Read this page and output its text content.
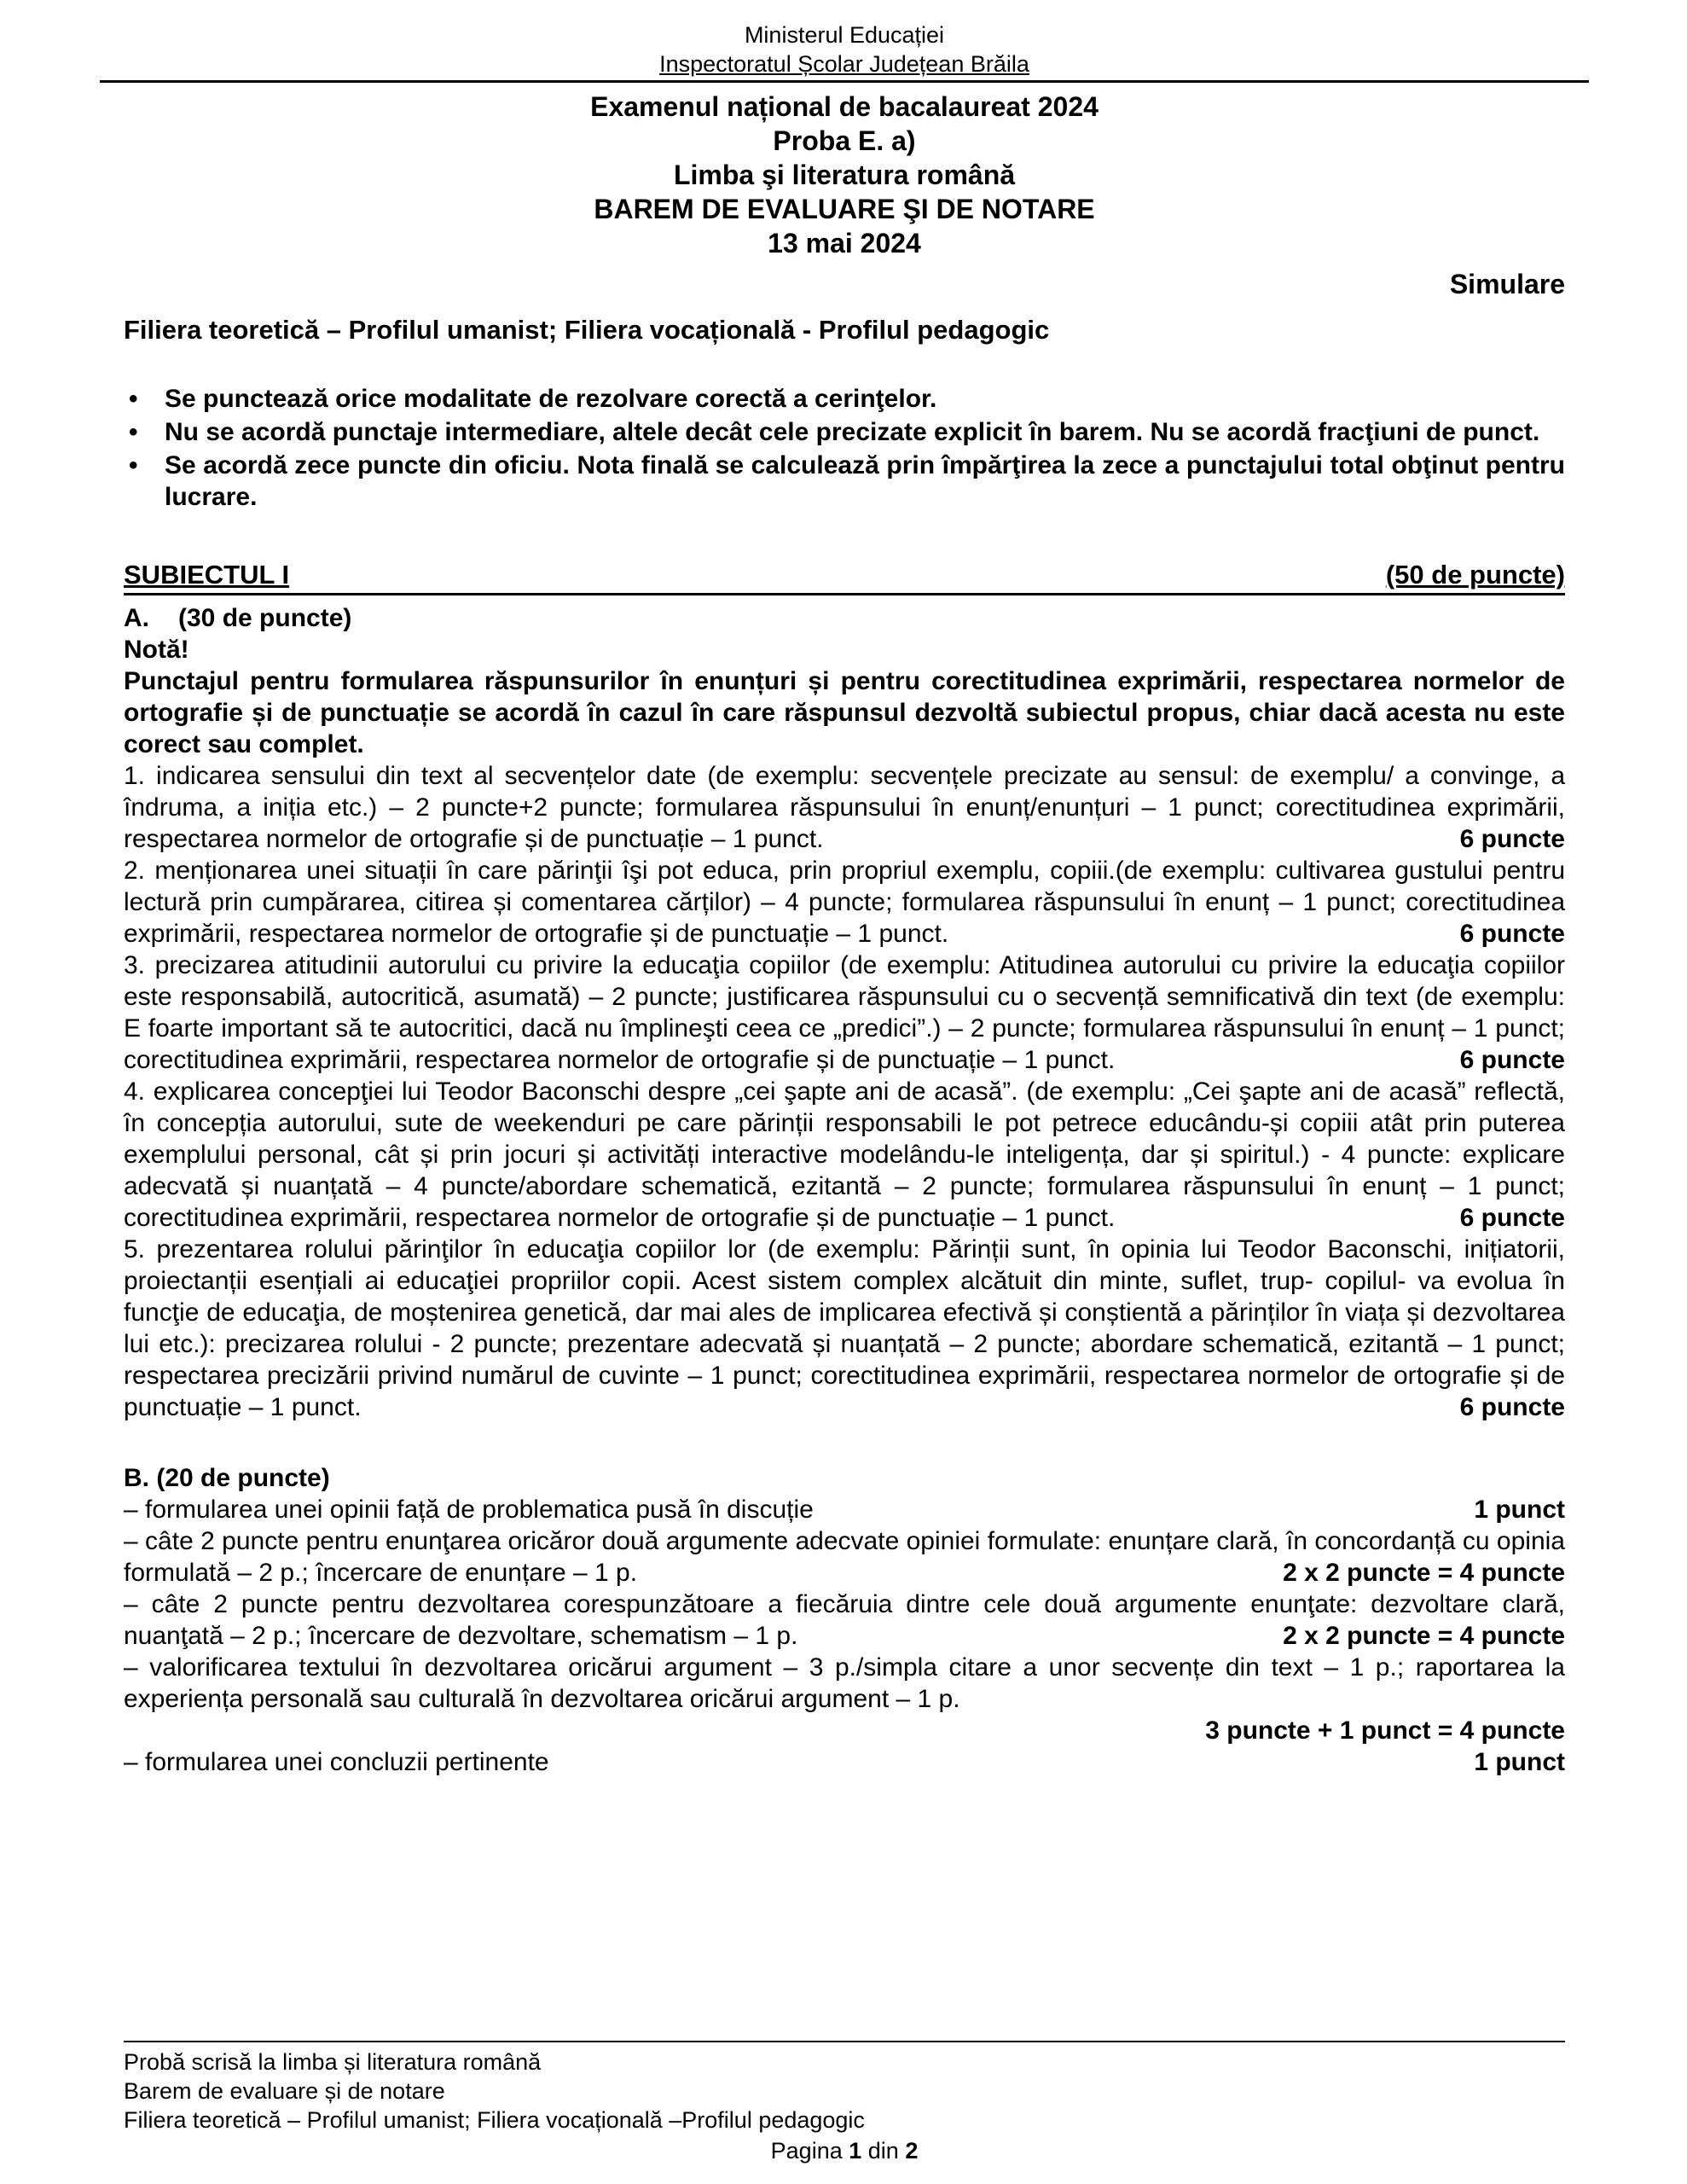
Ministerul Educației
Inspectoratul Școlar Județean Brăila
Examenul național de bacalaureat 2024
Proba E. a)
Limba şi literatura română
BAREM DE EVALUARE ŞI DE NOTARE
13 mai 2024
Simulare
Filiera teoretică – Profilul umanist; Filiera vocațională - Profilul pedagogic
• Se punctează orice modalitate de rezolvare corectă a cerinţelor.
• Nu se acordă punctaje intermediare, altele decât cele precizate explicit în barem. Nu se acordă fracţiuni de punct.
• Se acordă zece puncte din oficiu. Nota finală se calculează prin împărţirea la zece a punctajului total obţinut pentru lucrare.
SUBIECTUL I	(50 de puncte)
A. (30 de puncte)
Notă!
Punctajul pentru formularea răspunsurilor în enunțuri și pentru corectitudinea exprimării, respectarea normelor de ortografie și de punctuație se acordă în cazul în care răspunsul dezvoltă subiectul propus, chiar dacă acesta nu este corect sau complet.

1. indicarea sensului din text al secvențelor date (de exemplu: secvențele precizate au sensul: de exemplu/ a convinge, a îndruma, a iniția etc.) – 2 puncte+2 puncte; formularea răspunsului în enunț/enunțuri – 1 punct; corectitudinea exprimării, respectarea normelor de ortografie și de punctuație – 1 punct.	6 puncte

2. menționarea unei situații în care părinţii îşi pot educa, prin propriul exemplu, copiii.(de exemplu: cultivarea gustului pentru lectură prin cumpărarea, citirea și comentarea cărților) – 4 puncte; formularea răspunsului în enunț – 1 punct; corectitudinea exprimării, respectarea normelor de ortografie și de punctuație – 1 punct.	6 puncte

3. precizarea atitudinii autorului cu privire la educaţia copiilor (de exemplu: Atitudinea autorului cu privire la educaţia copiilor este responsabilă, autocritică, asumată) – 2 puncte; justificarea răspunsului cu o secvență semnificativă din text (de exemplu: E foarte important să te autocritici, dacă nu împlineşti ceea ce „predici”.) – 2 puncte; formularea răspunsului în enunț – 1 punct; corectitudinea exprimării, respectarea normelor de ortografie și de punctuație – 1 punct.	6 puncte

4. explicarea concepţiei lui Teodor Baconschi despre „cei şapte ani de acasă”. (de exemplu: „Cei şapte ani de acasă” reflectă, în concepția autorului, sute de weekenduri pe care părinții responsabili le pot petrece educându-și copiii atât prin puterea exemplului personal, cât și prin jocuri și activități interactive modelându-le inteligența, dar și spiritul.) - 4 puncte: explicare adecvată și nuanțată – 4 puncte/abordare schematică, ezitantă – 2 puncte; formularea răspunsului în enunț – 1 punct; corectitudinea exprimării, respectarea normelor de ortografie și de punctuație – 1 punct.	6 puncte

5. prezentarea rolului părinţilor în educaţia copiilor lor (de exemplu: Părinții sunt, în opinia lui Teodor Baconschi, inițiatorii, proiectanții esențiali ai educaţiei propriilor copii. Acest sistem complex alcătuit din minte, suflet, trup- copilul- va evolua în funcţie de educaţia, de moștenirea genetică, dar mai ales de implicarea efectivă și conștientă a părinților în viața și dezvoltarea lui etc.): precizarea rolului - 2 puncte; prezentare adecvată și nuanțată – 2 puncte; abordare schematică, ezitantă – 1 punct; respectarea precizării privind numărul de cuvinte – 1 punct; corectitudinea exprimării, respectarea normelor de ortografie și de punctuație – 1 punct.	6 puncte

B. (20 de puncte)

– formularea unei opinii față de problematica pusă în discuție	1 punct

– câte 2 puncte pentru enunţarea oricăror două argumente adecvate opiniei formulate: enunțare clară, în concordanță cu opinia formulată – 2 p.; încercare de enunțare – 1 p.	2 x 2 puncte = 4 puncte

– câte 2 puncte pentru dezvoltarea corespunzătoare a fiecăruia dintre cele două argumente enunţate: dezvoltare clară, nuanţată – 2 p.; încercare de dezvoltare, schematism – 1 p.	2 x 2 puncte = 4 puncte

– valorificarea textului în dezvoltarea oricărui argument – 3 p./simpla citare a unor secvențe din text – 1 p.; raportarea la experiența personală sau culturală în dezvoltarea oricărui argument – 1 p.

3 puncte + 1 punct = 4 puncte

– formularea unei concluzii pertinente	1 punct

Probă scrisă la limba și literatura română
Barem de evaluare și de notare
Filiera teoretică – Profilul umanist; Filiera vocațională –Profilul pedagogic
Pagina 1 din 2
